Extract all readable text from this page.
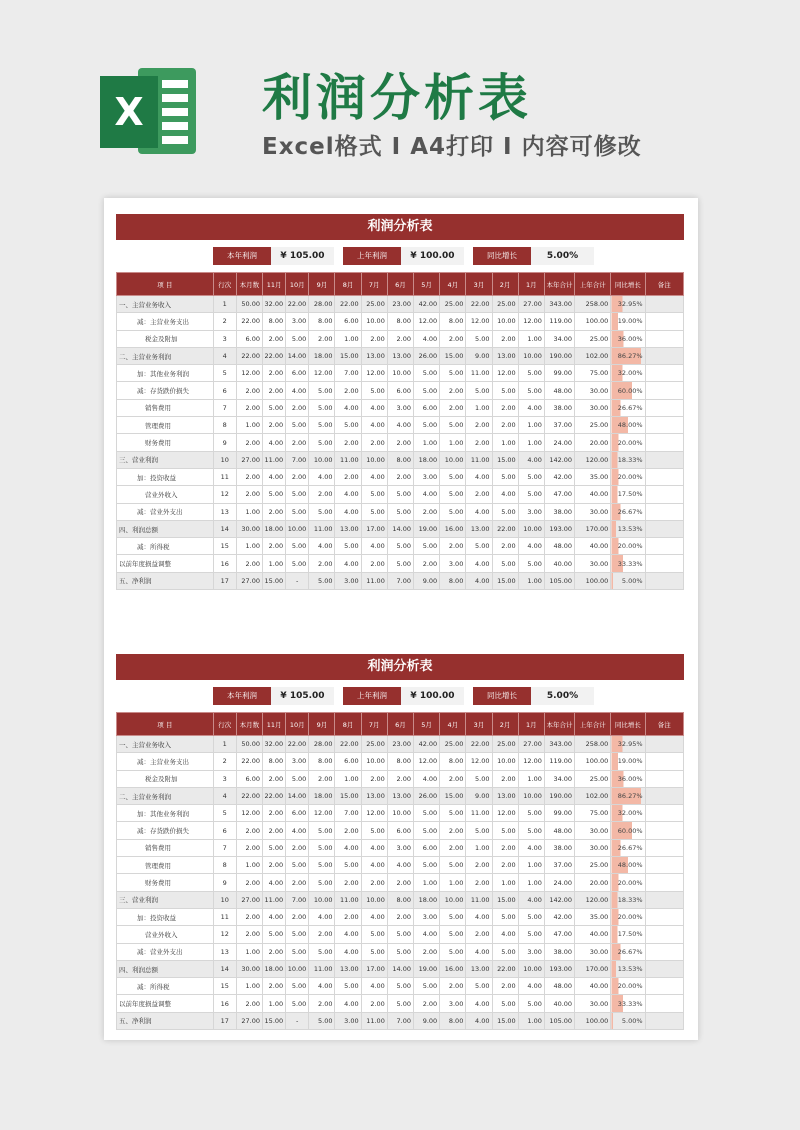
X 利润分析表
Excel格式 I A4打印 I 内容可修改
利润分析表
本年利润	¥ 105.00	上年利润	¥ 100.00	同比增长	5.00%
项 目	行次	本月数	11月	10月	9月	8月	7月	6月	5月	4月	3月	2月	1月	本年合计	上年合计	同比增长	备注
一、主营业务收入	1	50.00	32.00	22.00	28.00	22.00	25.00	23.00	42.00	25.00	22.00	25.00	27.00	343.00	258.00	32.95%	
减：主营业务支出	2	22.00	8.00	3.00	8.00	6.00	10.00	8.00	12.00	8.00	12.00	10.00	12.00	119.00	100.00	19.00%	
税金及附加	3	6.00	2.00	5.00	2.00	1.00	2.00	2.00	4.00	2.00	5.00	2.00	1.00	34.00	25.00	36.00%	
二、主营业务利润	4	22.00	22.00	14.00	18.00	15.00	13.00	13.00	26.00	15.00	9.00	13.00	10.00	190.00	102.00	86.27%	
加：其他业务利润	5	12.00	2.00	6.00	12.00	7.00	12.00	10.00	5.00	5.00	11.00	12.00	5.00	99.00	75.00	32.00%	
减：存货跌价损失	6	2.00	2.00	4.00	5.00	2.00	5.00	6.00	5.00	2.00	5.00	5.00	5.00	48.00	30.00	60.00%	
销售费用	7	2.00	5.00	2.00	5.00	4.00	4.00	3.00	6.00	2.00	1.00	2.00	4.00	38.00	30.00	26.67%	
管理费用	8	1.00	2.00	5.00	5.00	5.00	4.00	4.00	5.00	5.00	2.00	2.00	1.00	37.00	25.00	48.00%	
财务费用	9	2.00	4.00	2.00	5.00	2.00	2.00	2.00	1.00	1.00	2.00	1.00	1.00	24.00	20.00	20.00%	
三、营业利润	10	27.00	11.00	7.00	10.00	11.00	10.00	8.00	18.00	10.00	11.00	15.00	4.00	142.00	120.00	18.33%	
加：投资收益	11	2.00	4.00	2.00	4.00	2.00	4.00	2.00	3.00	5.00	4.00	5.00	5.00	42.00	35.00	20.00%	
营业外收入	12	2.00	5.00	5.00	2.00	4.00	5.00	5.00	4.00	5.00	2.00	4.00	5.00	47.00	40.00	17.50%	
减：营业外支出	13	1.00	2.00	5.00	5.00	4.00	5.00	5.00	2.00	5.00	4.00	5.00	3.00	38.00	30.00	26.67%	
四、利润总额	14	30.00	18.00	10.00	11.00	13.00	17.00	14.00	19.00	16.00	13.00	22.00	10.00	193.00	170.00	13.53%	
减：所得税	15	1.00	2.00	5.00	4.00	5.00	4.00	5.00	5.00	2.00	5.00	2.00	4.00	48.00	40.00	20.00%	
以前年度损益调整	16	2.00	1.00	5.00	2.00	4.00	2.00	5.00	2.00	3.00	4.00	5.00	5.00	40.00	30.00	33.33%	
五、净利润	17	27.00	15.00	-	5.00	3.00	11.00	7.00	9.00	8.00	4.00	15.00	1.00	105.00	100.00	5.00%	
利润分析表
本年利润	¥ 105.00	上年利润	¥ 100.00	同比增长	5.00%
项 目	行次	本月数	11月	10月	9月	8月	7月	6月	5月	4月	3月	2月	1月	本年合计	上年合计	同比增长	备注
一、主营业务收入	1	50.00	32.00	22.00	28.00	22.00	25.00	23.00	42.00	25.00	22.00	25.00	27.00	343.00	258.00	32.95%	
减：主营业务支出	2	22.00	8.00	3.00	8.00	6.00	10.00	8.00	12.00	8.00	12.00	10.00	12.00	119.00	100.00	19.00%	
税金及附加	3	6.00	2.00	5.00	2.00	1.00	2.00	2.00	4.00	2.00	5.00	2.00	1.00	34.00	25.00	36.00%	
二、主营业务利润	4	22.00	22.00	14.00	18.00	15.00	13.00	13.00	26.00	15.00	9.00	13.00	10.00	190.00	102.00	86.27%	
加：其他业务利润	5	12.00	2.00	6.00	12.00	7.00	12.00	10.00	5.00	5.00	11.00	12.00	5.00	99.00	75.00	32.00%	
减：存货跌价损失	6	2.00	2.00	4.00	5.00	2.00	5.00	6.00	5.00	2.00	5.00	5.00	5.00	48.00	30.00	60.00%	
销售费用	7	2.00	5.00	2.00	5.00	4.00	4.00	3.00	6.00	2.00	1.00	2.00	4.00	38.00	30.00	26.67%	
管理费用	8	1.00	2.00	5.00	5.00	5.00	4.00	4.00	5.00	5.00	2.00	2.00	1.00	37.00	25.00	48.00%	
财务费用	9	2.00	4.00	2.00	5.00	2.00	2.00	2.00	1.00	1.00	2.00	1.00	1.00	24.00	20.00	20.00%	
三、营业利润	10	27.00	11.00	7.00	10.00	11.00	10.00	8.00	18.00	10.00	11.00	15.00	4.00	142.00	120.00	18.33%	
加：投资收益	11	2.00	4.00	2.00	4.00	2.00	4.00	2.00	3.00	5.00	4.00	5.00	5.00	42.00	35.00	20.00%	
营业外收入	12	2.00	5.00	5.00	2.00	4.00	5.00	5.00	4.00	5.00	2.00	4.00	5.00	47.00	40.00	17.50%	
减：营业外支出	13	1.00	2.00	5.00	5.00	4.00	5.00	5.00	2.00	5.00	4.00	5.00	3.00	38.00	30.00	26.67%	
四、利润总额	14	30.00	18.00	10.00	11.00	13.00	17.00	14.00	19.00	16.00	13.00	22.00	10.00	193.00	170.00	13.53%	
减：所得税	15	1.00	2.00	5.00	4.00	5.00	4.00	5.00	5.00	2.00	5.00	2.00	4.00	48.00	40.00	20.00%	
以前年度损益调整	16	2.00	1.00	5.00	2.00	4.00	2.00	5.00	2.00	3.00	4.00	5.00	5.00	40.00	30.00	33.33%	
五、净利润	17	27.00	15.00	-	5.00	3.00	11.00	7.00	9.00	8.00	4.00	15.00	1.00	105.00	100.00	5.00%	
